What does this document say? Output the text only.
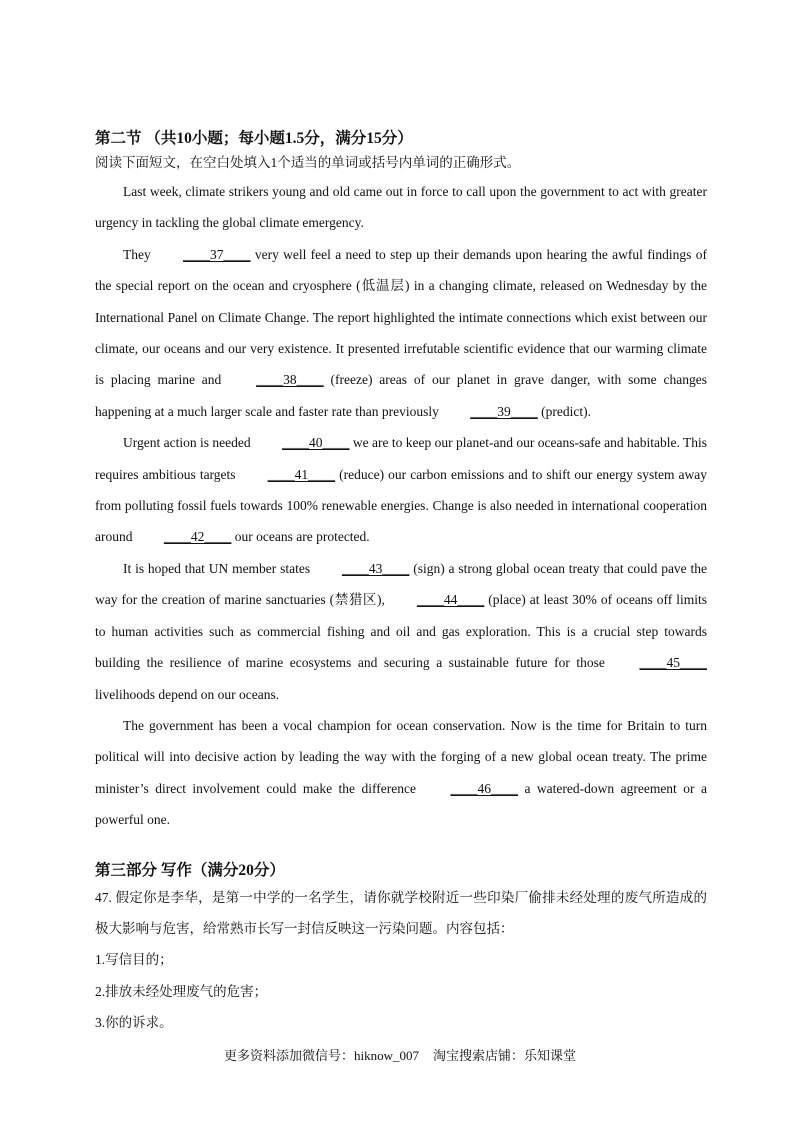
第二节 （共10小题；每小题1.5分，满分15分）

阅读下面短文，在空白处填入1个适当的单词或括号内单词的正确形式。

Last week, climate strikers young and old came out in force to call upon the government to act with greater urgency in tackling the global climate emergency.

They ____37____ very well feel a need to step up their demands upon hearing the awful findings of the special report on the ocean and cryosphere (低温层) in a changing climate, released on Wednesday by the International Panel on Climate Change. The report highlighted the intimate connections which exist between our climate, our oceans and our very existence. It presented irrefutable scientific evidence that our warming climate is placing marine and ____38____ (freeze) areas of our planet in grave danger, with some changes happening at a much larger scale and faster rate than previously ____39____ (predict).

Urgent action is needed ____40____ we are to keep our planet-and our oceans-safe and habitable. This requires ambitious targets ____41____ (reduce) our carbon emissions and to shift our energy system away from polluting fossil fuels towards 100% renewable energies. Change is also needed in international cooperation around ____42____ our oceans are protected.

It is hoped that UN member states ____43____ (sign) a strong global ocean treaty that could pave the way for the creation of marine sanctuaries (禁猎区), ____44____ (place) at least 30% of oceans off limits to human activities such as commercial fishing and oil and gas exploration. This is a crucial step towards building the resilience of marine ecosystems and securing a sustainable future for those ____45____ livelihoods depend on our oceans.

The government has been a vocal champion for ocean conservation. Now is the time for Britain to turn political will into decisive action by leading the way with the forging of a new global ocean treaty. The prime minister’s direct involvement could make the difference ____46____ a watered-down agreement or a powerful one.

第三部分 写作（满分20分）

47. 假定你是李华，是第一中学的一名学生，请你就学校附近一些印染厂偷排未经处理的废气所造成的极大影响与危害，给常熟市长写一封信反映这一污染问题。内容包括：

1.写信目的；

2.排放未经处理废气的危害；

3.你的诉求。

更多资料添加微信号：hiknow_007 淘宝搜索店铺：乐知课堂
